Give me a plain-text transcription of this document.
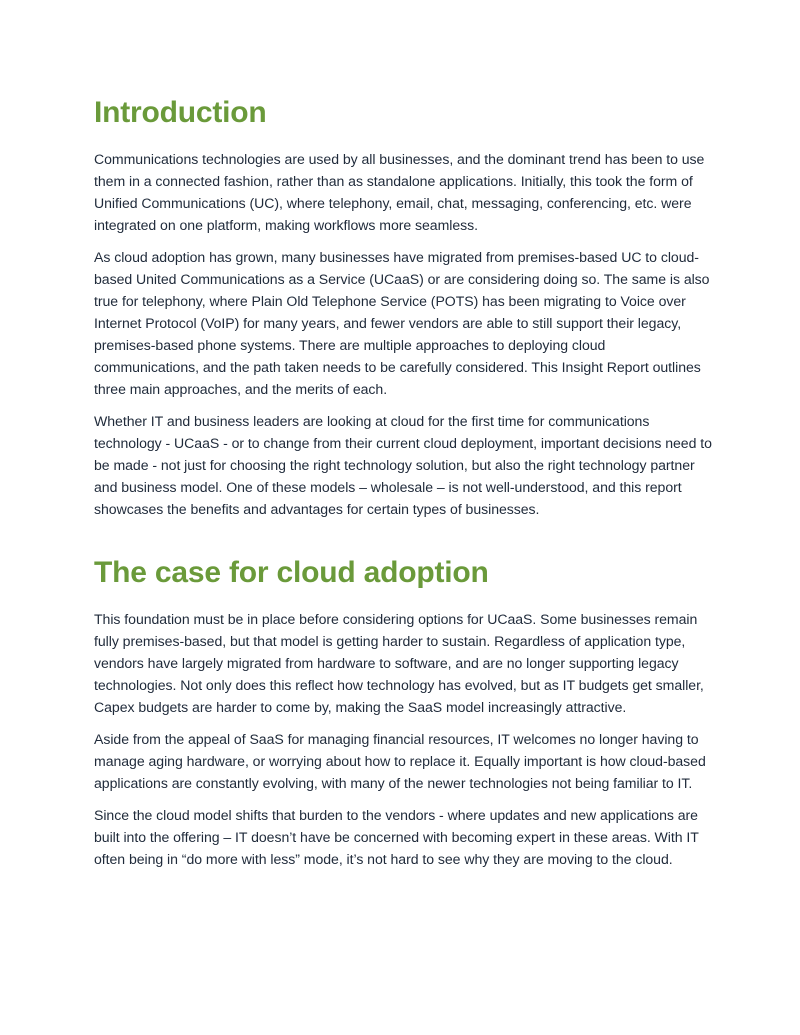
Introduction

Communications technologies are used by all businesses, and the dominant trend has been to use them in a connected fashion, rather than as standalone applications. Initially, this took the form of Unified Communications (UC), where telephony, email, chat, messaging, conferencing, etc. were integrated on one platform, making workflows more seamless.

As cloud adoption has grown, many businesses have migrated from premises-based UC to cloud-based United Communications as a Service (UCaaS) or are considering doing so. The same is also true for telephony, where Plain Old Telephone Service (POTS) has been migrating to Voice over Internet Protocol (VoIP) for many years, and fewer vendors are able to still support their legacy, premises-based phone systems. There are multiple approaches to deploying cloud communications, and the path taken needs to be carefully considered. This Insight Report outlines three main approaches, and the merits of each.

Whether IT and business leaders are looking at cloud for the first time for communications technology - UCaaS - or to change from their current cloud deployment, important decisions need to be made - not just for choosing the right technology solution, but also the right technology partner and business model. One of these models – wholesale – is not well-understood, and this report showcases the benefits and advantages for certain types of businesses.

The case for cloud adoption

This foundation must be in place before considering options for UCaaS. Some businesses remain fully premises-based, but that model is getting harder to sustain. Regardless of application type, vendors have largely migrated from hardware to software, and are no longer supporting legacy technologies. Not only does this reflect how technology has evolved, but as IT budgets get smaller, Capex budgets are harder to come by, making the SaaS model increasingly attractive.

Aside from the appeal of SaaS for managing financial resources, IT welcomes no longer having to manage aging hardware, or worrying about how to replace it. Equally important is how cloud-based applications are constantly evolving, with many of the newer technologies not being familiar to IT.

Since the cloud model shifts that burden to the vendors - where updates and new applications are built into the offering – IT doesn’t have be concerned with becoming expert in these areas. With IT often being in “do more with less” mode, it’s not hard to see why they are moving to the cloud.
